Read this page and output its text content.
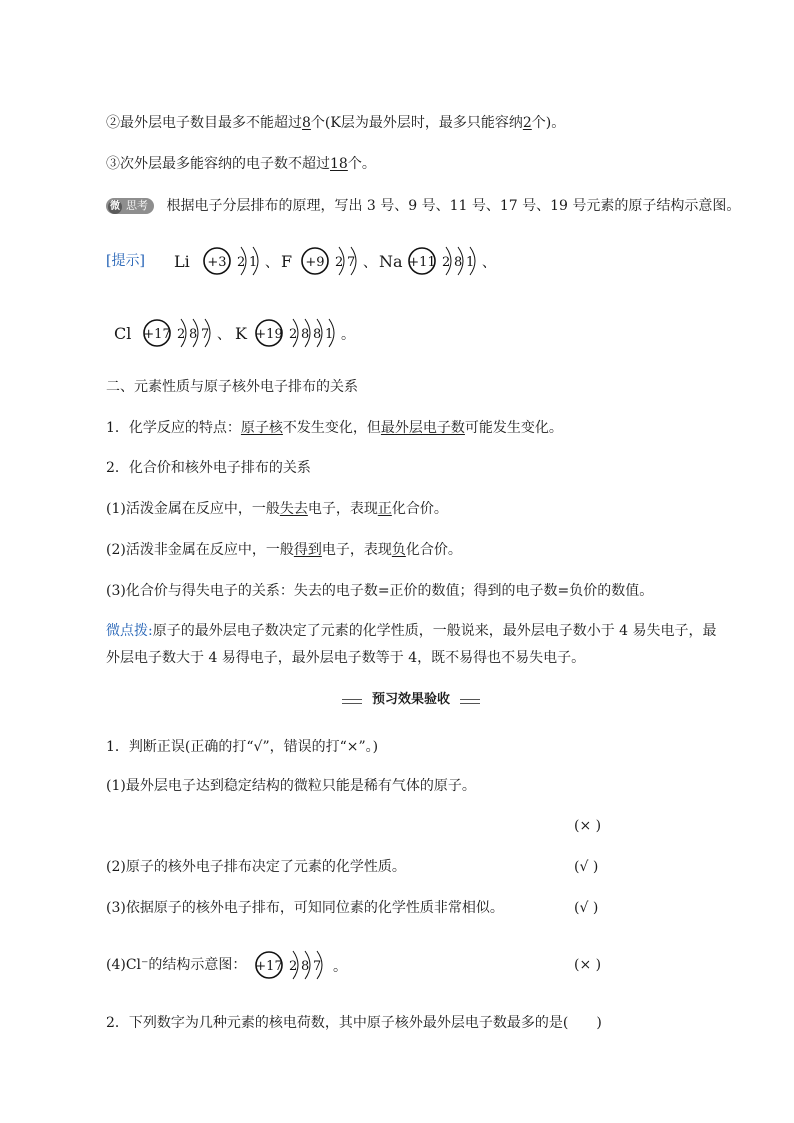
②最外层电子数目最多不能超过8个(K层为最外层时，最多只能容纳2个)。
③次外层最多能容纳的电子数不超过18个。
微 思考 根据电子分层排布的原理，写出 3 号、9 号、11 号、17 号、19 号元素的原子结构示意图。
[提示] Li +3 2 1 、 F +9 2 7 、 Na +11 2 8 1 、
Cl +17 2 8 7 、 K +19 2 8 8 1 。
二、元素性质与原子核外电子排布的关系
1．化学反应的特点：原子核不发生变化，但最外层电子数可能发生变化。
2．化合价和核外电子排布的关系
(1)活泼金属在反应中，一般失去电子，表现正化合价。
(2)活泼非金属在反应中，一般得到电子，表现负化合价。
(3)化合价与得失电子的关系：失去的电子数=正价的数值；得到的电子数=负价的数值。
微点拨:原子的最外层电子数决定了元素的化学性质，一般说来，最外层电子数小于 4 易失电子，最
外层电子数大于 4 易得电子，最外层电子数等于 4，既不易得也不易失电子。
预习效果验收
1．判断正误(正确的打“√”，错误的打“×”。)
(1)最外层电子达到稳定结构的微粒只能是稀有气体的原子。
(× )
(2)原子的核外电子排布决定了元素的化学性质。	(√ )
(3)依据原子的核外电子排布，可知同位素的化学性质非常相似。	(√ )
(4)Cl⁻的结构示意图： +17 2 8 7 。	(× )
2．下列数字为几种元素的核电荷数，其中原子核外最外层电子数最多的是(　　)
